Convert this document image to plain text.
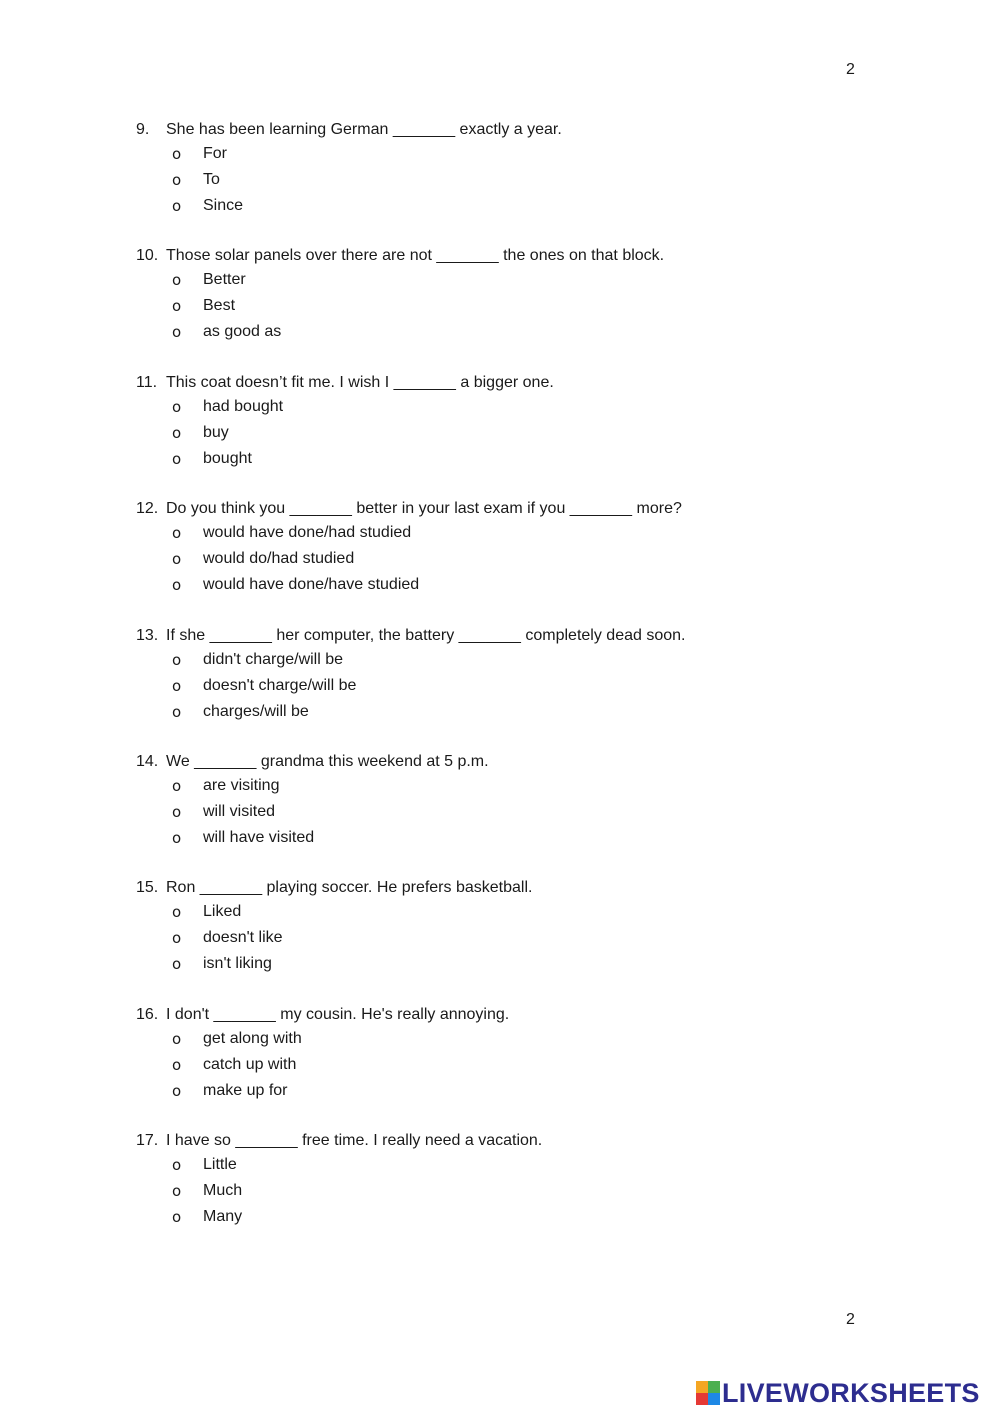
2
9. She has been learning German _______ exactly a year.
o For
o To
o Since
10. Those solar panels over there are not _______ the ones on that block.
o Better
o Best
o as good as
11. This coat doesn’t fit me. I wish I _______ a bigger one.
o had bought
o buy
o bought
12. Do you think you _______ better in your last exam if you _______ more?
o would have done/had studied
o would do/had studied
o would have done/have studied
13. If she _______ her computer, the battery _______ completely dead soon.
o didn't charge/will be
o doesn't charge/will be
o charges/will be
14. We _______ grandma this weekend at 5 p.m.
o are visiting
o will visited
o will have visited
15. Ron _______ playing soccer. He prefers basketball.
o Liked
o doesn't like
o isn't liking
16. I don't _______ my cousin. He's really annoying.
o get along with
o catch up with
o make up for
17. I have so _______ free time. I really need a vacation.
o Little
o Much
o Many
2
LIVEWORKSHEETS
